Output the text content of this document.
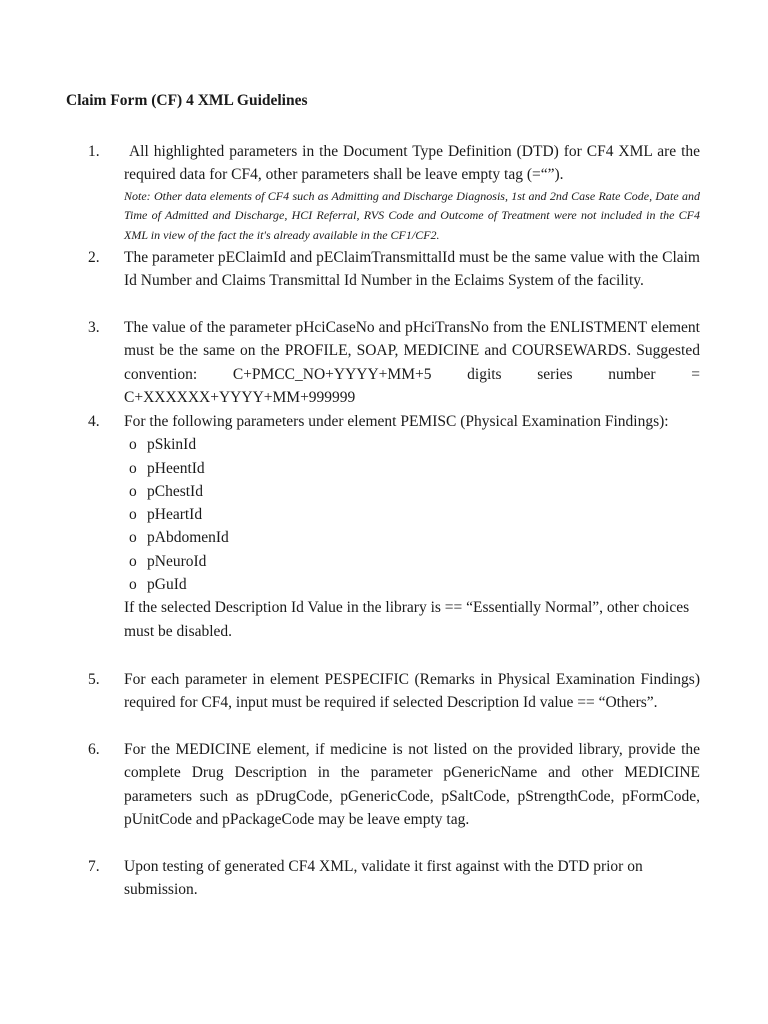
Claim Form (CF) 4 XML Guidelines
1.	All highlighted parameters in the Document Type Definition (DTD) for CF4 XML are the required data for CF4, other parameters shall be leave empty tag (=“”).
Note: Other data elements of CF4 such as Admitting and Discharge Diagnosis, 1st and 2nd Case Rate Code, Date and Time of Admitted and Discharge, HCI Referral, RVS Code and Outcome of Treatment were not included in the CF4 XML in view of the fact the it's already available in the CF1/CF2.
2.	The parameter pEClaimId and pEClaimTransmittalId must be the same value with the Claim Id Number and Claims Transmittal Id Number in the Eclaims System of the facility.
3.	The value of the parameter pHciCaseNo and pHciTransNo from the ENLISTMENT element must be the same on the PROFILE, SOAP, MEDICINE and COURSEWARDS. Suggested convention: C+PMCC_NO+YYYY+MM+5 digits series number = C+XXXXXX+YYYY+MM+999999
4.	For the following parameters under element PEMISC (Physical Examination Findings):
o pSkinId
o pHeentId
o pChestId
o pHeartId
o pAbdomenId
o pNeuroId
o pGuId
If the selected Description Id Value in the library is == “Essentially Normal”, other choices must be disabled.
5.	For each parameter in element PESPECIFIC (Remarks in Physical Examination Findings) required for CF4, input must be required if selected Description Id value == “Others”.
6.	For the MEDICINE element, if medicine is not listed on the provided library, provide the complete Drug Description in the parameter pGenericName and other MEDICINE parameters such as pDrugCode, pGenericCode, pSaltCode, pStrengthCode, pFormCode, pUnitCode and pPackageCode may be leave empty tag.
7.	Upon testing of generated CF4 XML, validate it first against with the DTD prior on submission.
